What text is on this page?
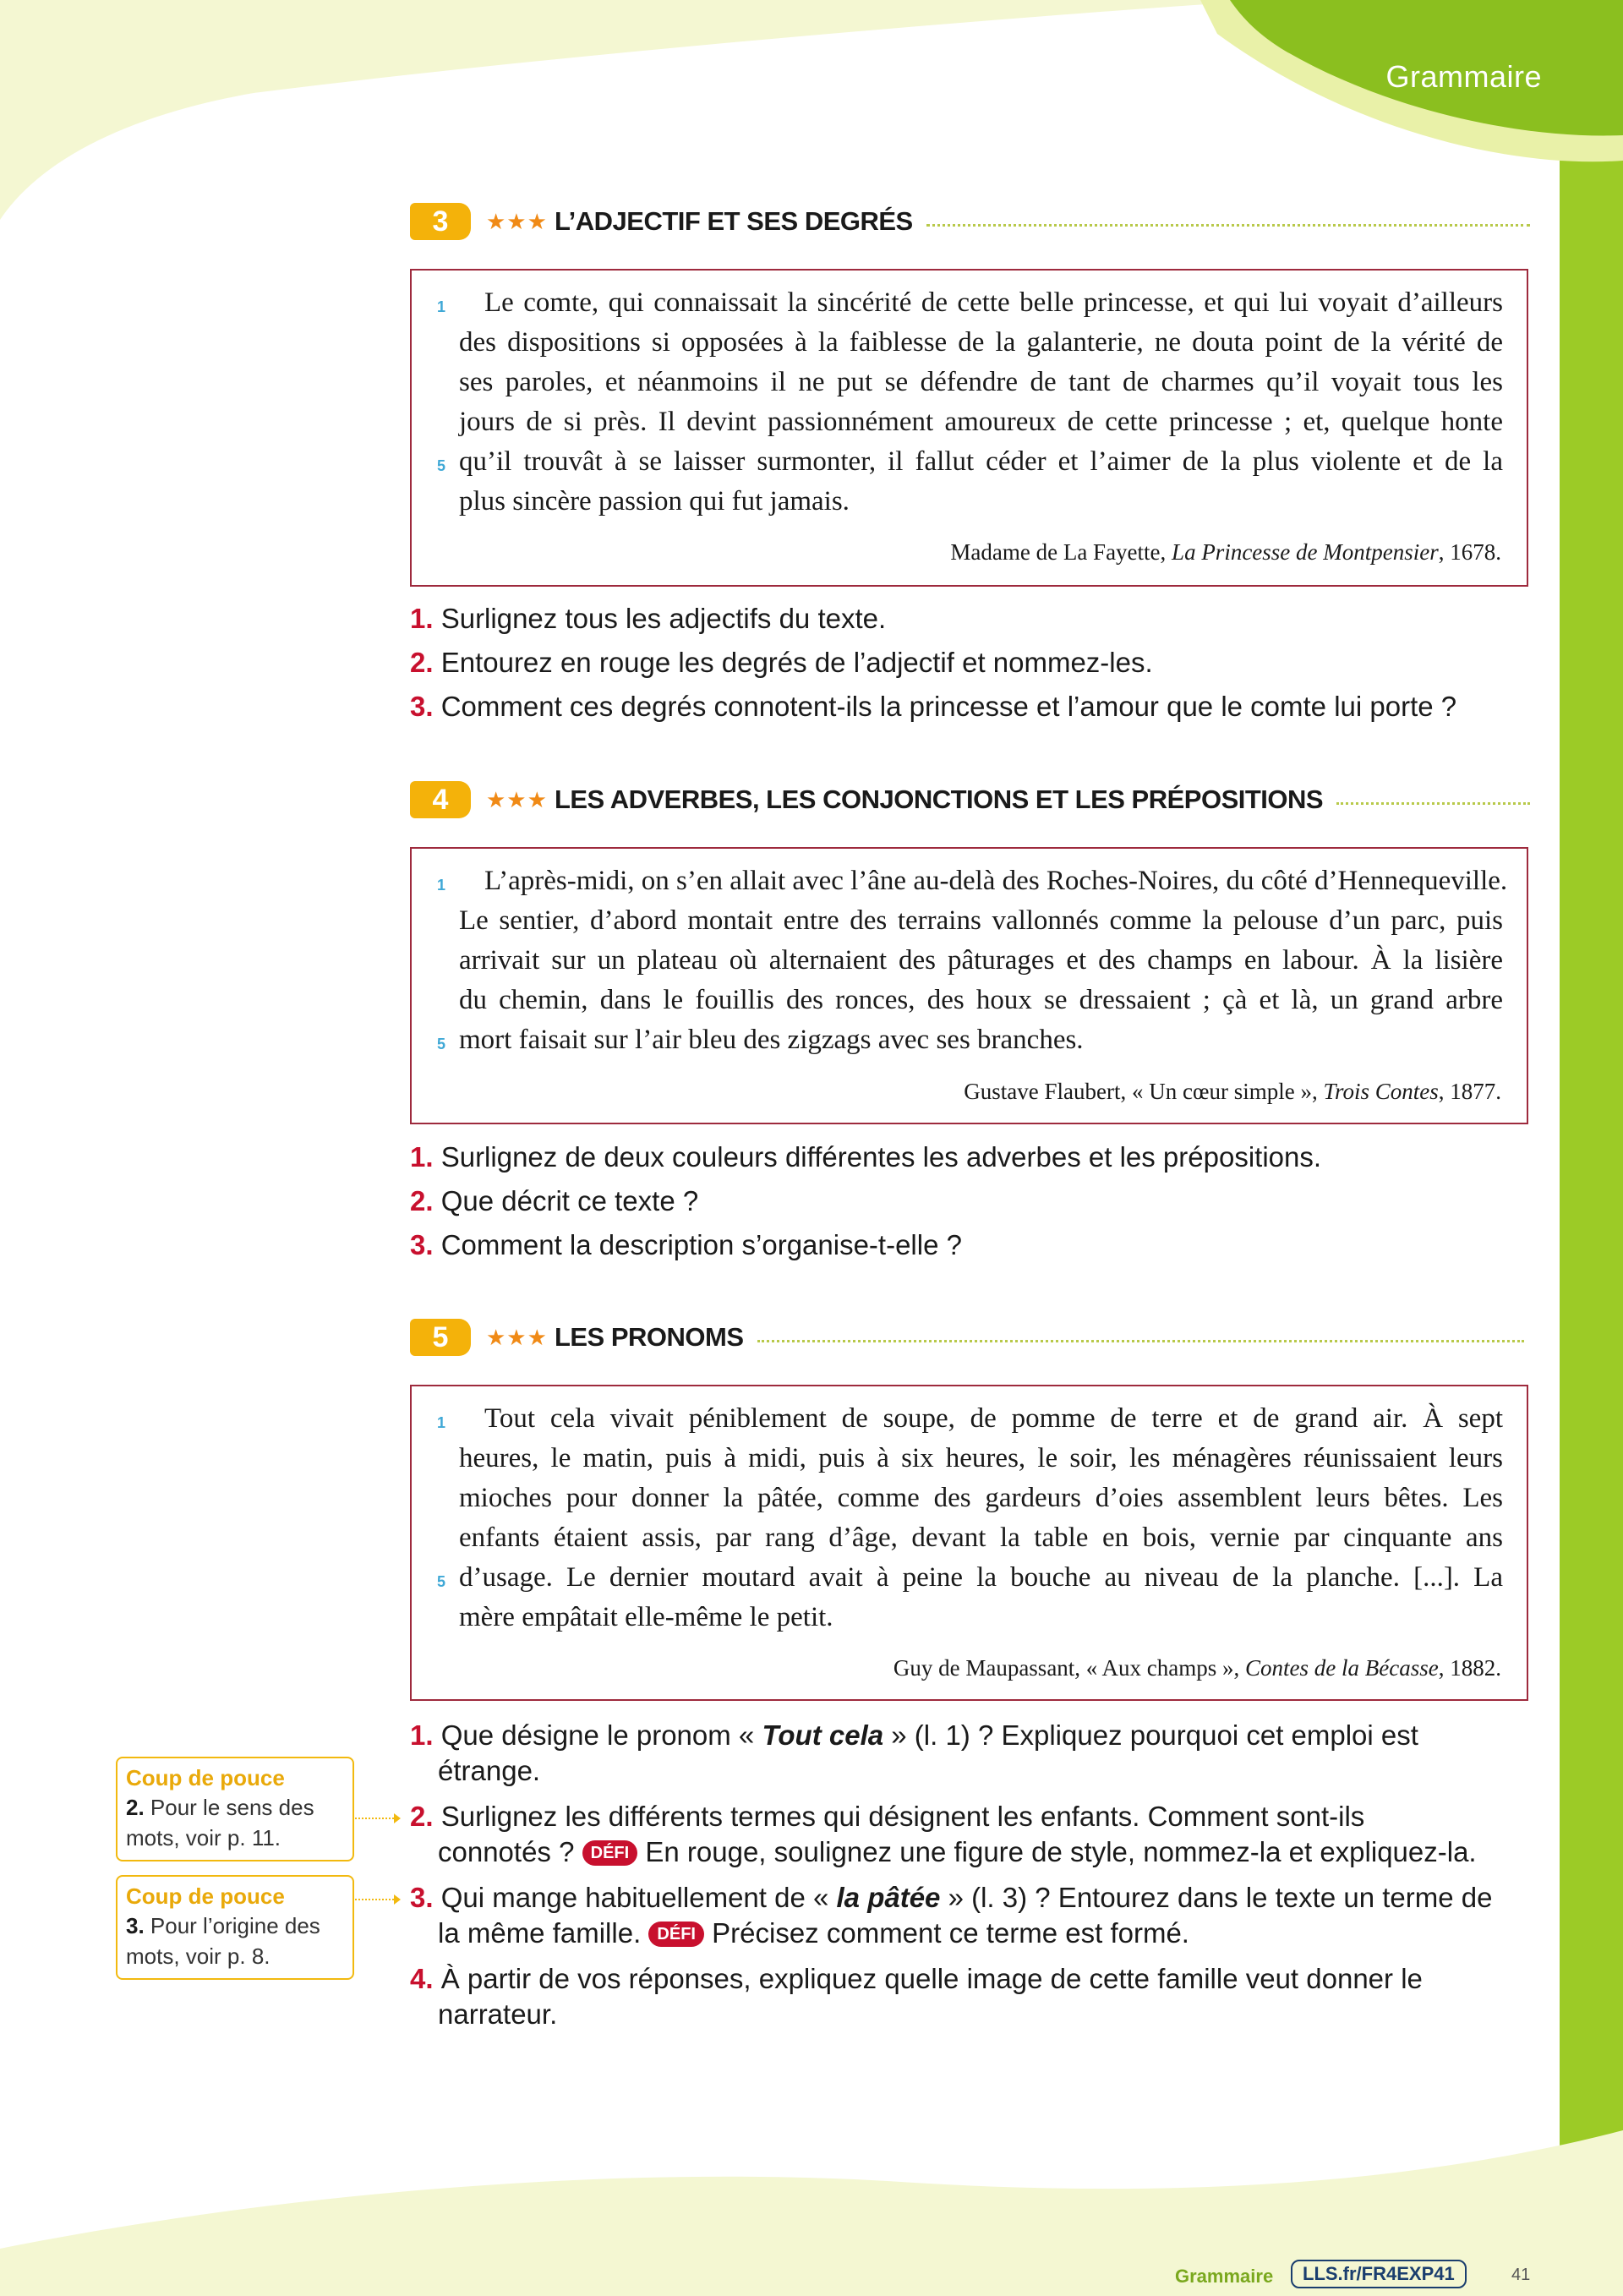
Grammaire
3	★★★ L’ADJECTIF ET SES DEGRÉS
1
5
Le comte, qui connaissait la sincérité de cette belle princesse, et qui lui voyait d’ailleurs
des dispositions si opposées à la faiblesse de la galanterie, ne douta point de la vérité de
ses paroles, et néanmoins il ne put se défendre de tant de charmes qu’il voyait tous les
jours de si près. Il devint passionnément amoureux de cette princesse ; et, quelque honte
qu’il trouvât à se laisser surmonter, il fallut céder et l’aimer de la plus violente et de la
plus sincère passion qui fut jamais.
Madame de La Fayette, La Princesse de Montpensier, 1678.
1. Surlignez tous les adjectifs du texte.
2. Entourez en rouge les degrés de l’adjectif et nommez-les.
3. Comment ces degrés connotent-ils la princesse et l’amour que le comte lui porte ?
4	★★★ LES ADVERBES, LES CONJONCTIONS ET LES PRÉPOSITIONS
1
5
L’après-midi, on s’en allait avec l’âne au-delà des Roches-Noires, du côté d’Hennequeville.
Le sentier, d’abord montait entre des terrains vallonnés comme la pelouse d’un parc, puis
arrivait sur un plateau où alternaient des pâturages et des champs en labour. À la lisière
du chemin, dans le fouillis des ronces, des houx se dressaient ; çà et là, un grand arbre
mort faisait sur l’air bleu des zigzags avec ses branches.
Gustave Flaubert, « Un cœur simple », Trois Contes, 1877.
1. Surlignez de deux couleurs différentes les adverbes et les prépositions.
2. Que décrit ce texte ?
3. Comment la description s’organise-t-elle ?
5	★★★ LES PRONOMS
1
5
Tout cela vivait péniblement de soupe, de pomme de terre et de grand air. À sept
heures, le matin, puis à midi, puis à six heures, le soir, les ménagères réunissaient leurs
mioches pour donner la pâtée, comme des gardeurs d’oies assemblent leurs bêtes. Les
enfants étaient assis, par rang d’âge, devant la table en bois, vernie par cinquante ans
d’usage. Le dernier moutard avait à peine la bouche au niveau de la planche. [...]. La
mère empâtait elle-même le petit.
Guy de Maupassant, « Aux champs », Contes de la Bécasse, 1882.
1. Que désigne le pronom « Tout cela » (l. 1) ? Expliquez pourquoi cet emploi est
étrange.
2. Surlignez les différents termes qui désignent les enfants. Comment sont-ils
connotés ? DÉFI En rouge, soulignez une figure de style, nommez-la et expliquez-la.
3. Qui mange habituellement de « la pâtée » (l. 3) ? Entourez dans le texte un terme de
la même famille. DÉFI Précisez comment ce terme est formé.
4. À partir de vos réponses, expliquez quelle image de cette famille veut donner le
narrateur.
Coup de pouce
2. Pour le sens des
mots, voir p. 11.
Coup de pouce
3. Pour l’origine des
mots, voir p. 8.
Grammaire	LLS.fr/FR4EXP41	41
